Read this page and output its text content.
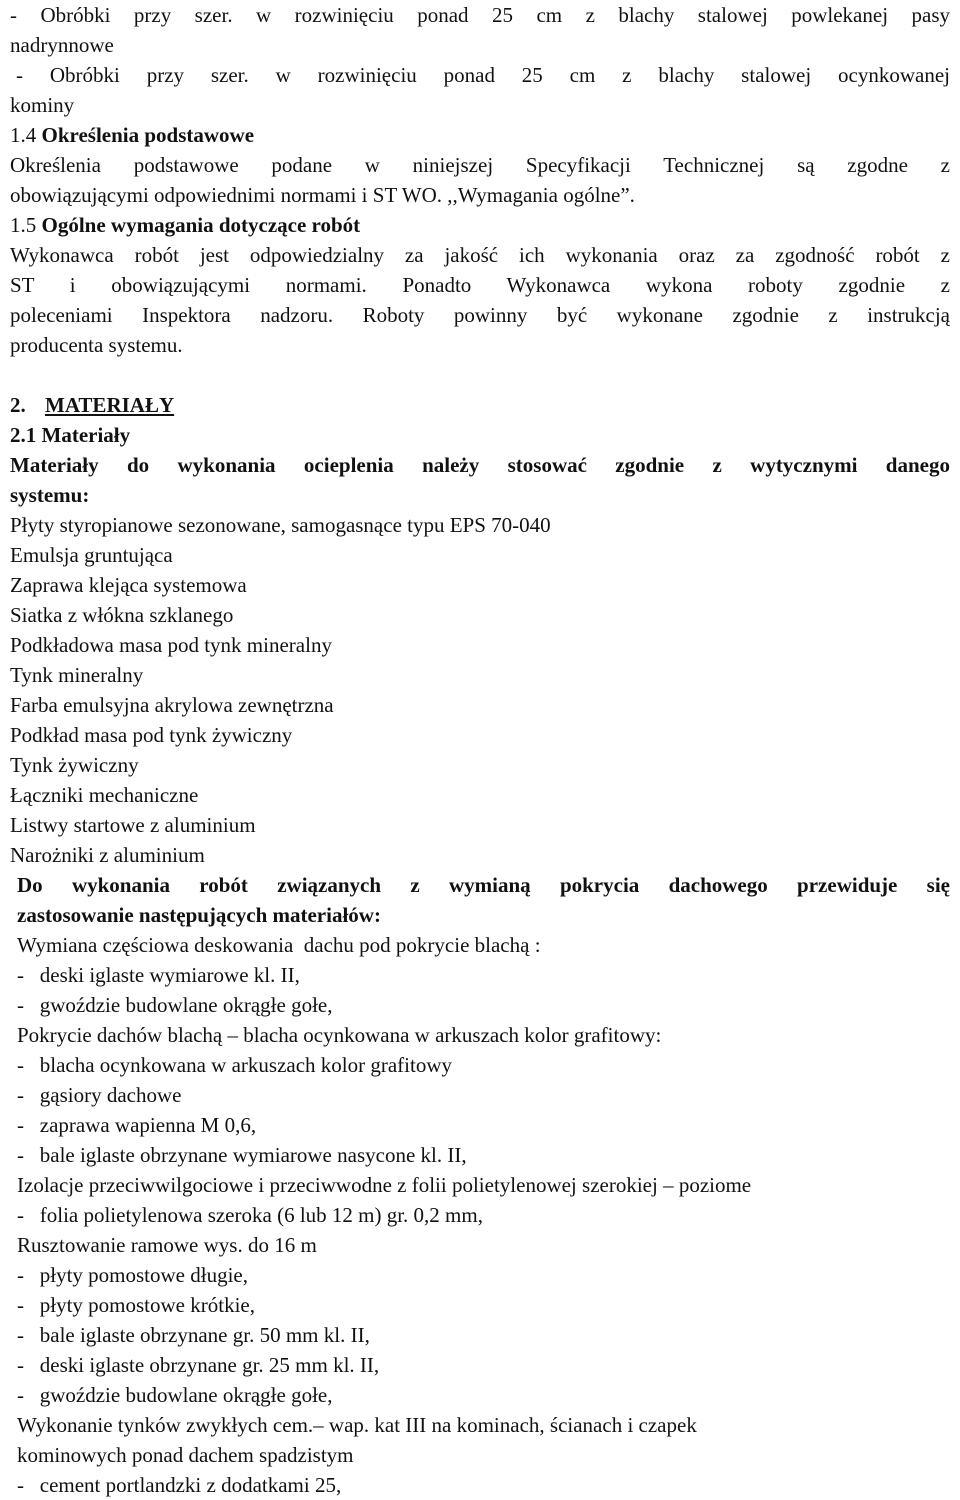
- Obróbki przy szer. w rozwinięciu ponad 25 cm z blachy stalowej powlekanej pasy
nadrynnowe
- Obróbki przy szer. w rozwinięciu ponad 25 cm z blachy stalowej ocynkowanej
kominy
1.4 Określenia podstawowe
Określenia podstawowe podane w niniejszej Specyfikacji Technicznej są zgodne z
obowiązującymi odpowiednimi normami i ST WO. ,,Wymagania ogólne”.
1.5 Ogólne wymagania dotyczące robót
Wykonawca robót jest odpowiedzialny za jakość ich wykonania oraz za zgodność robót z
ST i obowiązującymi normami. Ponadto Wykonawca wykona roboty zgodnie z
poleceniami Inspektora nadzoru. Roboty powinny być wykonane zgodnie z instrukcją
producenta systemu.
2. MATERIAŁY
2.1 Materiały
Materiały do wykonania ocieplenia należy stosować zgodnie z wytycznymi danego
systemu:
Płyty styropianowe sezonowane, samogasnące typu EPS 70-040
Emulsja gruntująca
Zaprawa klejąca systemowa
Siatka z włókna szklanego
Podkładowa masa pod tynk mineralny
Tynk mineralny
Farba emulsyjna akrylowa zewnętrzna
Podkład masa pod tynk żywiczny
Tynk żywiczny
Łączniki mechaniczne
Listwy startowe z aluminium
Narożniki z aluminium
Do wykonania robót związanych z wymianą pokrycia dachowego przewiduje się
zastosowanie następujących materiałów:
Wymiana częściowa deskowania  dachu pod pokrycie blachą :
-   deski iglaste wymiarowe kl. II,
-   gwoździe budowlane okrągłe gołe,
Pokrycie dachów blachą – blacha ocynkowana w arkuszach kolor grafitowy:
-   blacha ocynkowana w arkuszach kolor grafitowy
-   gąsiory dachowe
-   zaprawa wapienna M 0,6,
-   bale iglaste obrzynane wymiarowe nasycone kl. II,
Izolacje przeciwwilgociowe i przeciwwodne z folii polietylenowej szerokiej – poziome
-   folia polietylenowa szeroka (6 lub 12 m) gr. 0,2 mm,
Rusztowanie ramowe wys. do 16 m
-   płyty pomostowe długie,
-   płyty pomostowe krótkie,
-   bale iglaste obrzynane gr. 50 mm kl. II,
-   deski iglaste obrzynane gr. 25 mm kl. II,
-   gwoździe budowlane okrągłe gołe,
Wykonanie tynków zwykłych cem.– wap. kat III na kominach, ścianach i czapek
kominowych ponad dachem spadzistym
-   cement portlandzki z dodatkami 25,
